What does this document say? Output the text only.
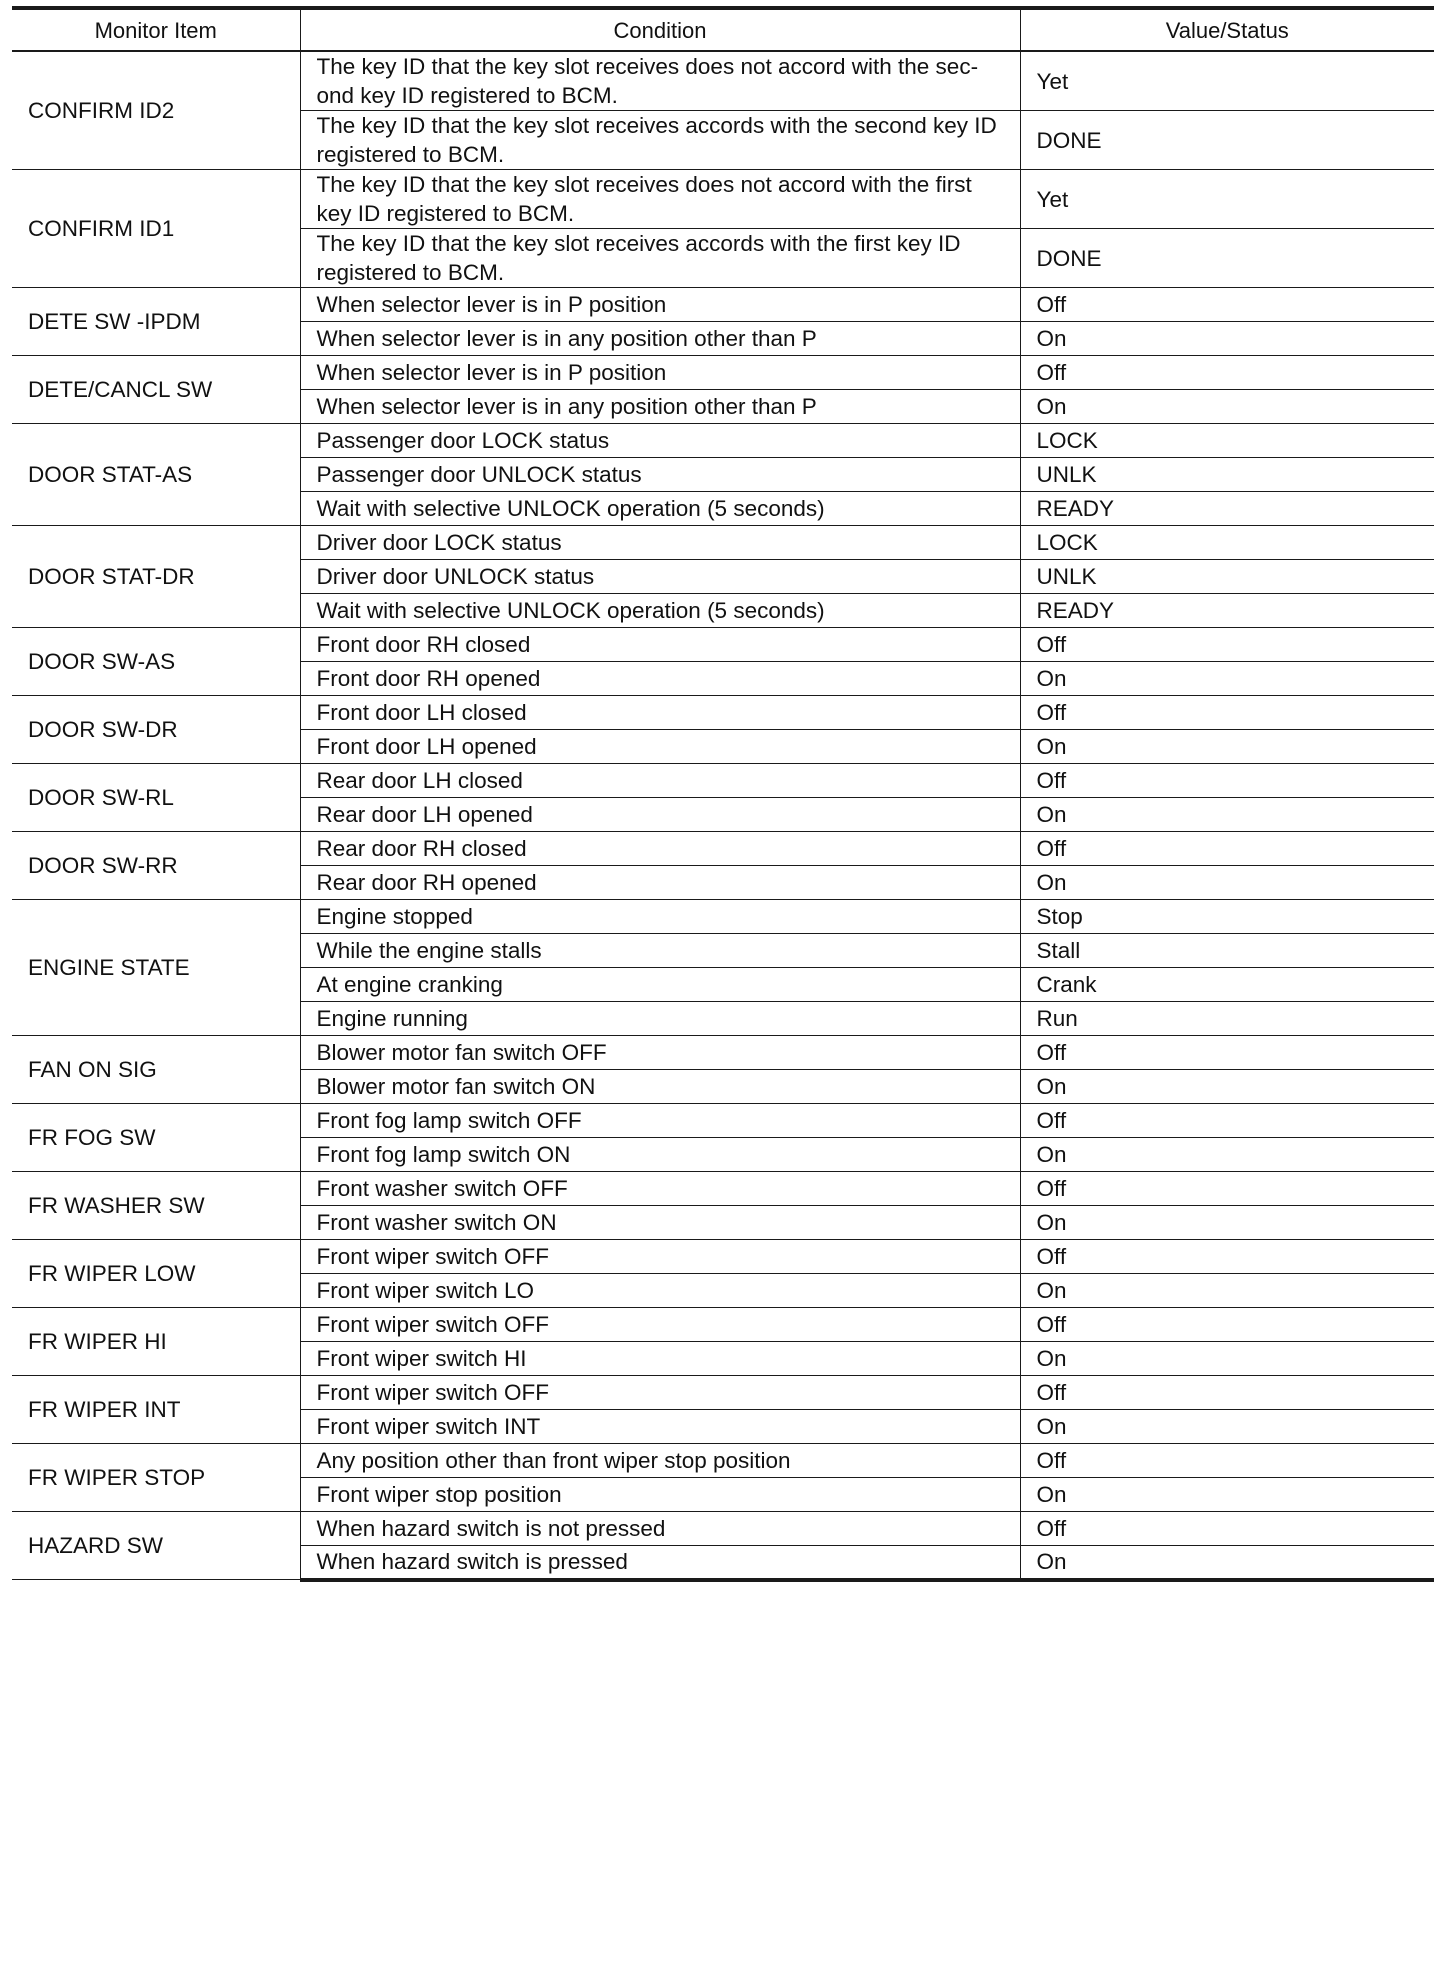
Monitor Item	Condition	Value/Status
CONFIRM ID2	The key ID that the key slot receives does not accord with the sec-ond key ID registered to BCM.	Yet
	The key ID that the key slot receives accords with the second key ID registered to BCM.	DONE
CONFIRM ID1	The key ID that the key slot receives does not accord with the first key ID registered to BCM.	Yet
	The key ID that the key slot receives accords with the first key ID registered to BCM.	DONE
DETE SW -IPDM	When selector lever is in P position	Off
	When selector lever is in any position other than P	On
DETE/CANCL SW	When selector lever is in P position	Off
	When selector lever is in any position other than P	On
DOOR STAT-AS	Passenger door LOCK status	LOCK
	Passenger door UNLOCK status	UNLK
	Wait with selective UNLOCK operation (5 seconds)	READY
DOOR STAT-DR	Driver door LOCK status	LOCK
	Driver door UNLOCK status	UNLK
	Wait with selective UNLOCK operation (5 seconds)	READY
DOOR SW-AS	Front door RH closed	Off
	Front door RH opened	On
DOOR SW-DR	Front door LH closed	Off
	Front door LH opened	On
DOOR SW-RL	Rear door LH closed	Off
	Rear door LH opened	On
DOOR SW-RR	Rear door RH closed	Off
	Rear door RH opened	On
ENGINE STATE	Engine stopped	Stop
	While the engine stalls	Stall
	At engine cranking	Crank
	Engine running	Run
FAN ON SIG	Blower motor fan switch OFF	Off
	Blower motor fan switch ON	On
FR FOG SW	Front fog lamp switch OFF	Off
	Front fog lamp switch ON	On
FR WASHER SW	Front washer switch OFF	Off
	Front washer switch ON	On
FR WIPER LOW	Front wiper switch OFF	Off
	Front wiper switch LO	On
FR WIPER HI	Front wiper switch OFF	Off
	Front wiper switch HI	On
FR WIPER INT	Front wiper switch OFF	Off
	Front wiper switch INT	On
FR WIPER STOP	Any position other than front wiper stop position	Off
	Front wiper stop position	On
HAZARD SW	When hazard switch is not pressed	Off
	When hazard switch is pressed	On
